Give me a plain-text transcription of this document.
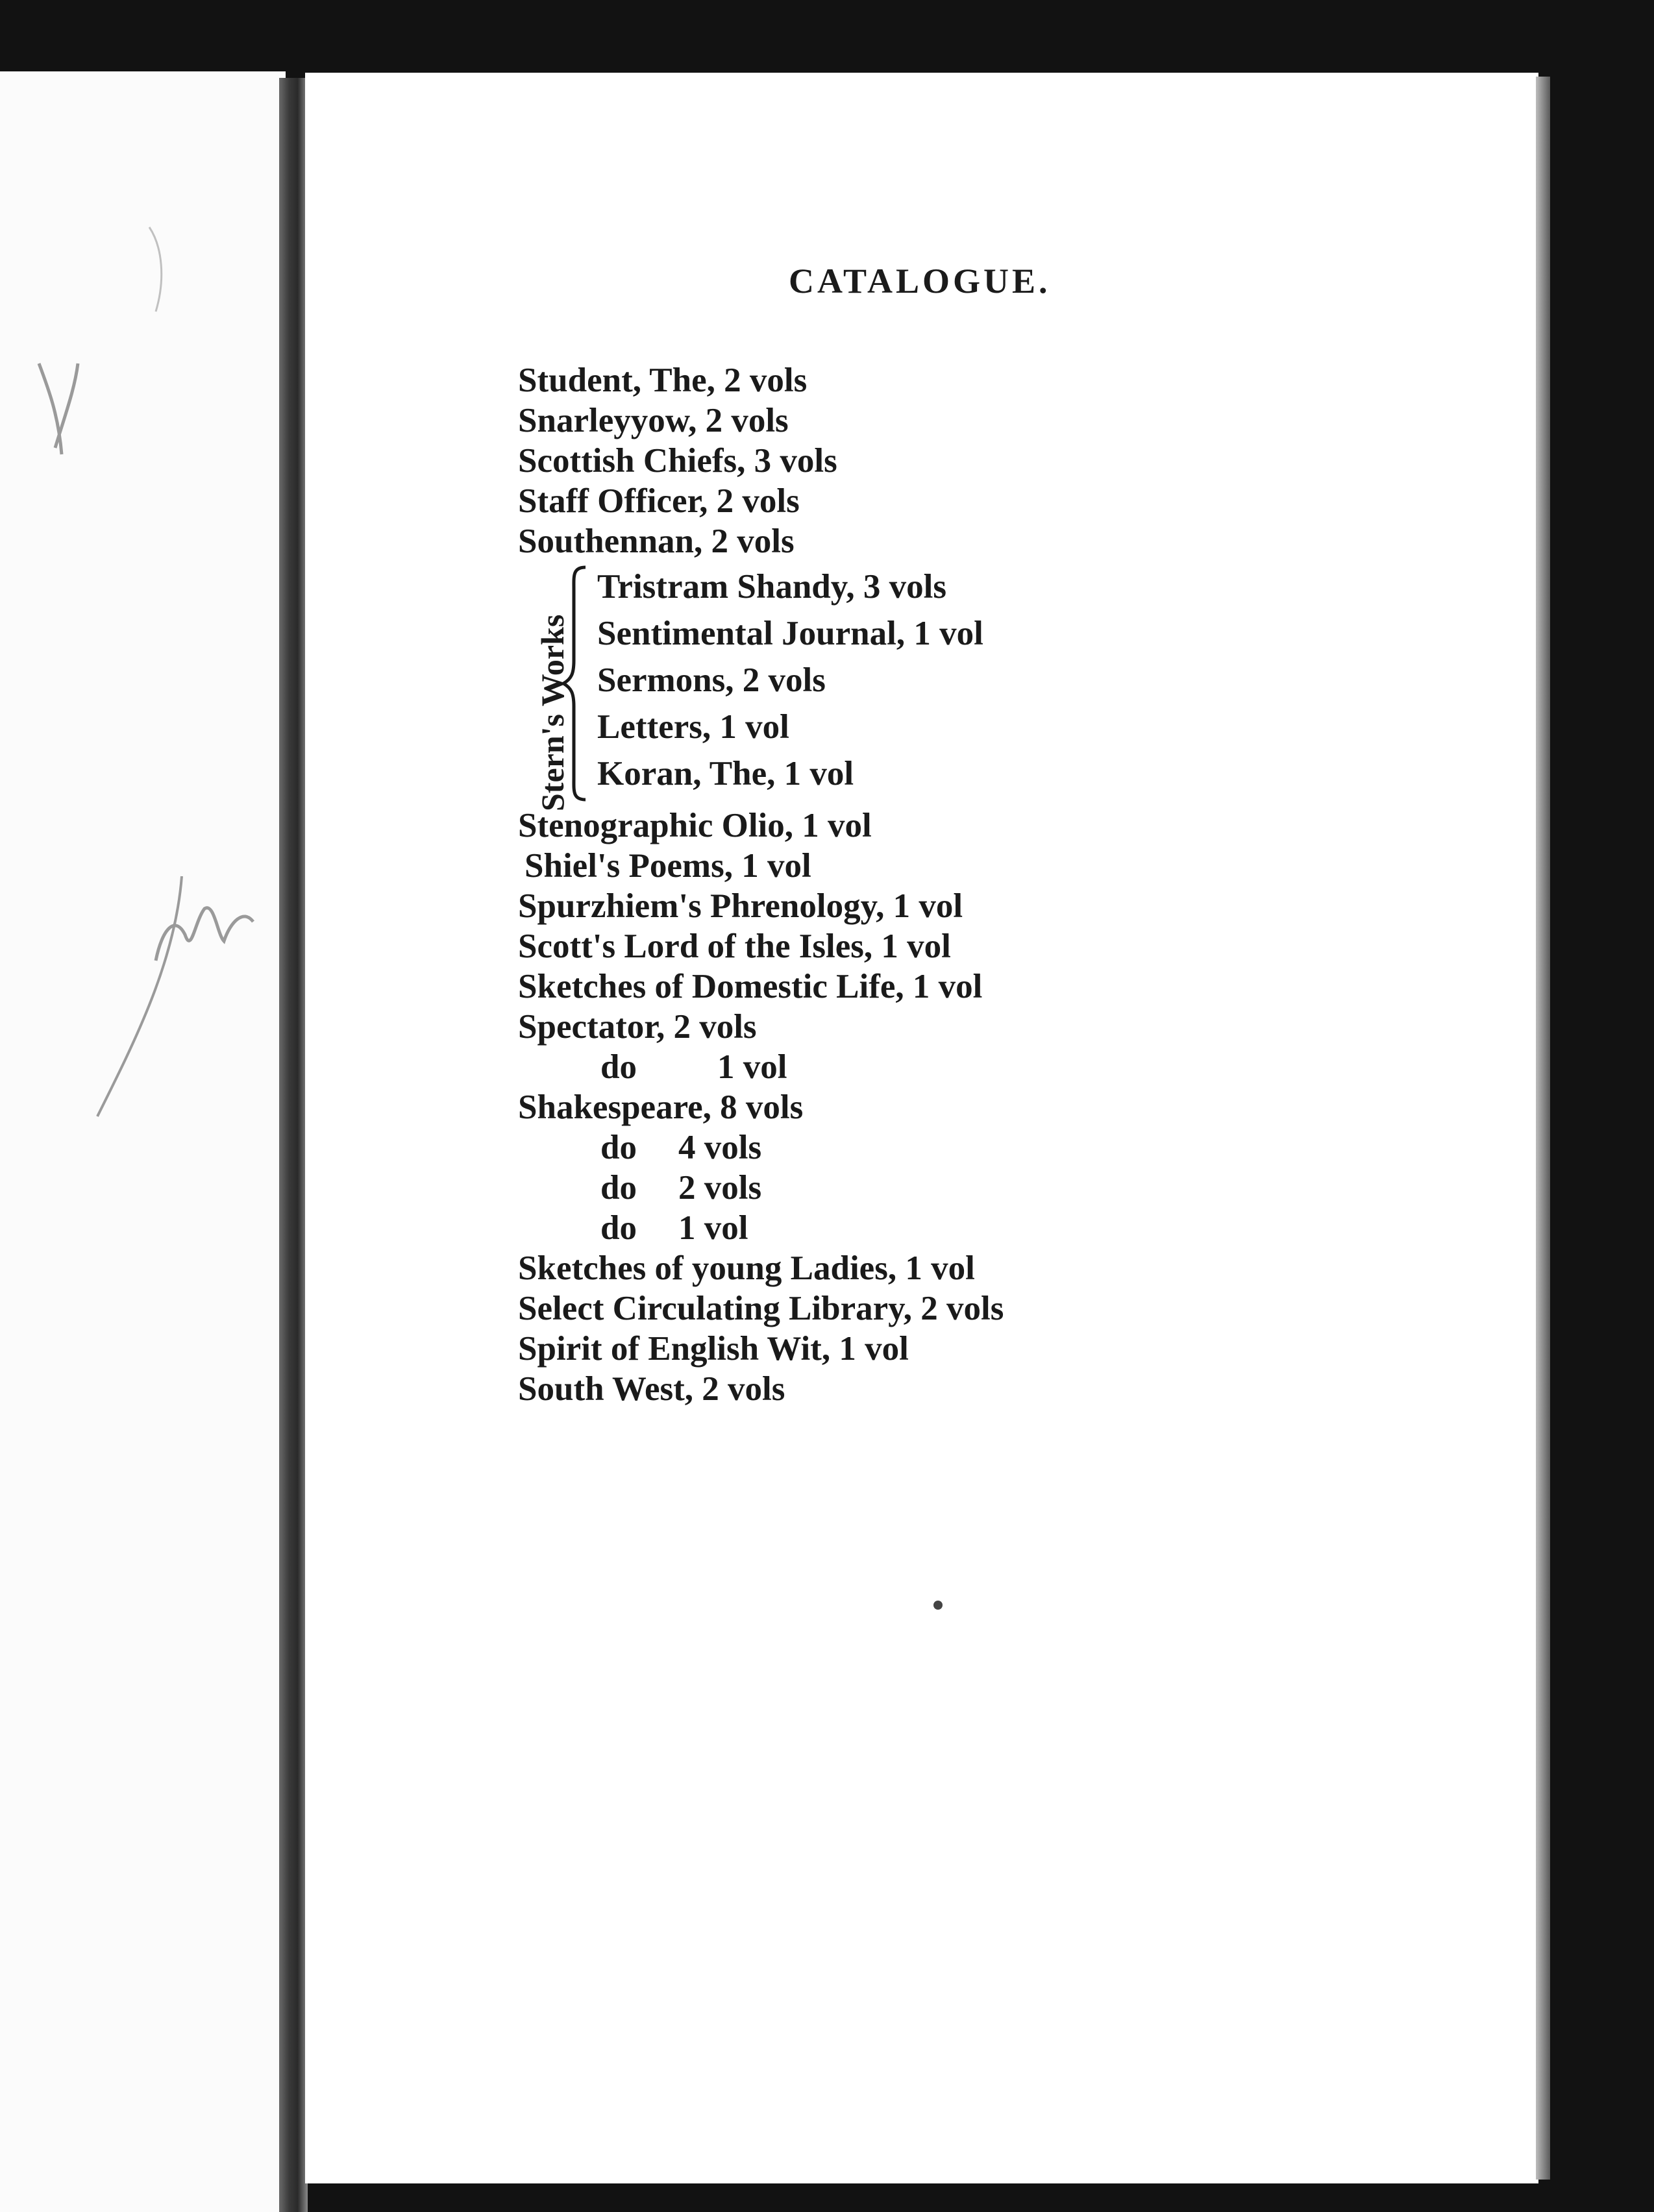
CATALOGUE.
Student, The, 2 vols
Snarleyyow, 2 vols
Scottish Chiefs, 3 vols
Staff Officer, 2 vols
Southennan, 2 vols
Stern's Works
Tristram Shandy, 3 vols
Sentimental Journal, 1 vol
Sermons, 2 vols
Letters, 1 vol
Koran, The, 1 vol
Stenographic Olio, 1 vol
Shiel's Poems, 1 vol
Spurzhiem's Phrenology, 1 vol
Scott's Lord of the Isles, 1 vol
Sketches of Domestic Life, 1 vol
Spectator, 2 vols
do 1 vol
Shakespeare, 8 vols
do 4 vols
do 2 vols
do 1 vol
Sketches of young Ladies, 1 vol
Select Circulating Library, 2 vols
Spirit of English Wit, 1 vol
South West, 2 vols
